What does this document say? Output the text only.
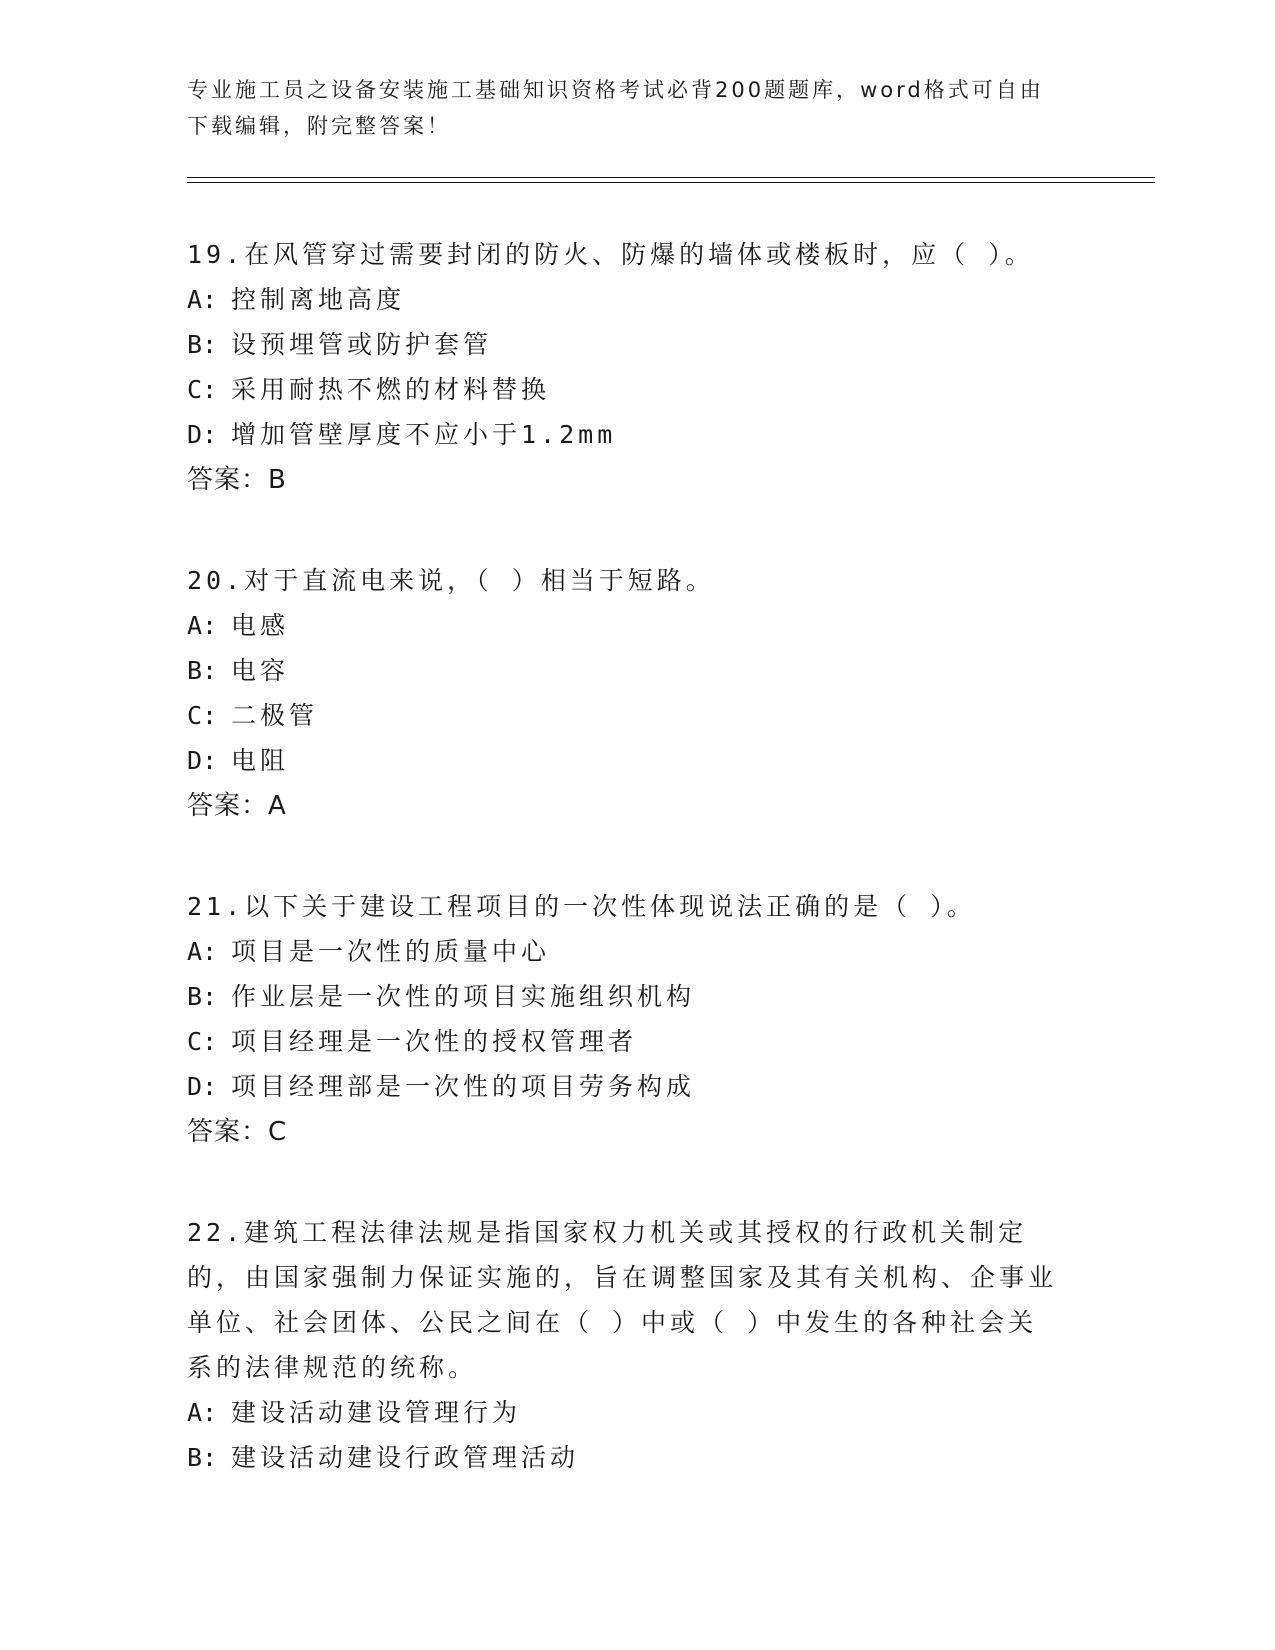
专业施工员之设备安装施工基础知识资格考试必背200题题库，word格式可自由下载编辑，附完整答案！
19.在风管穿过需要封闭的防火、防爆的墙体或楼板时，应（ ）。
A: 控制离地高度
B: 设预埋管或防护套管
C: 采用耐热不燃的材料替换
D: 增加管壁厚度不应小于1.2mm
答案：B
20.对于直流电来说，（ ）相当于短路。
A: 电感
B: 电容
C: 二极管
D: 电阻
答案：A
21.以下关于建设工程项目的一次性体现说法正确的是（ ）。
A: 项目是一次性的质量中心
B: 作业层是一次性的项目实施组织机构
C: 项目经理是一次性的授权管理者
D: 项目经理部是一次性的项目劳务构成
答案：C
22.建筑工程法律法规是指国家权力机关或其授权的行政机关制定的，由国家强制力保证实施的，旨在调整国家及其有关机构、企事业单位、社会团体、公民之间在（ ）中或（ ）中发生的各种社会关系的法律规范的统称。
A: 建设活动建设管理行为
B: 建设活动建设行政管理活动
